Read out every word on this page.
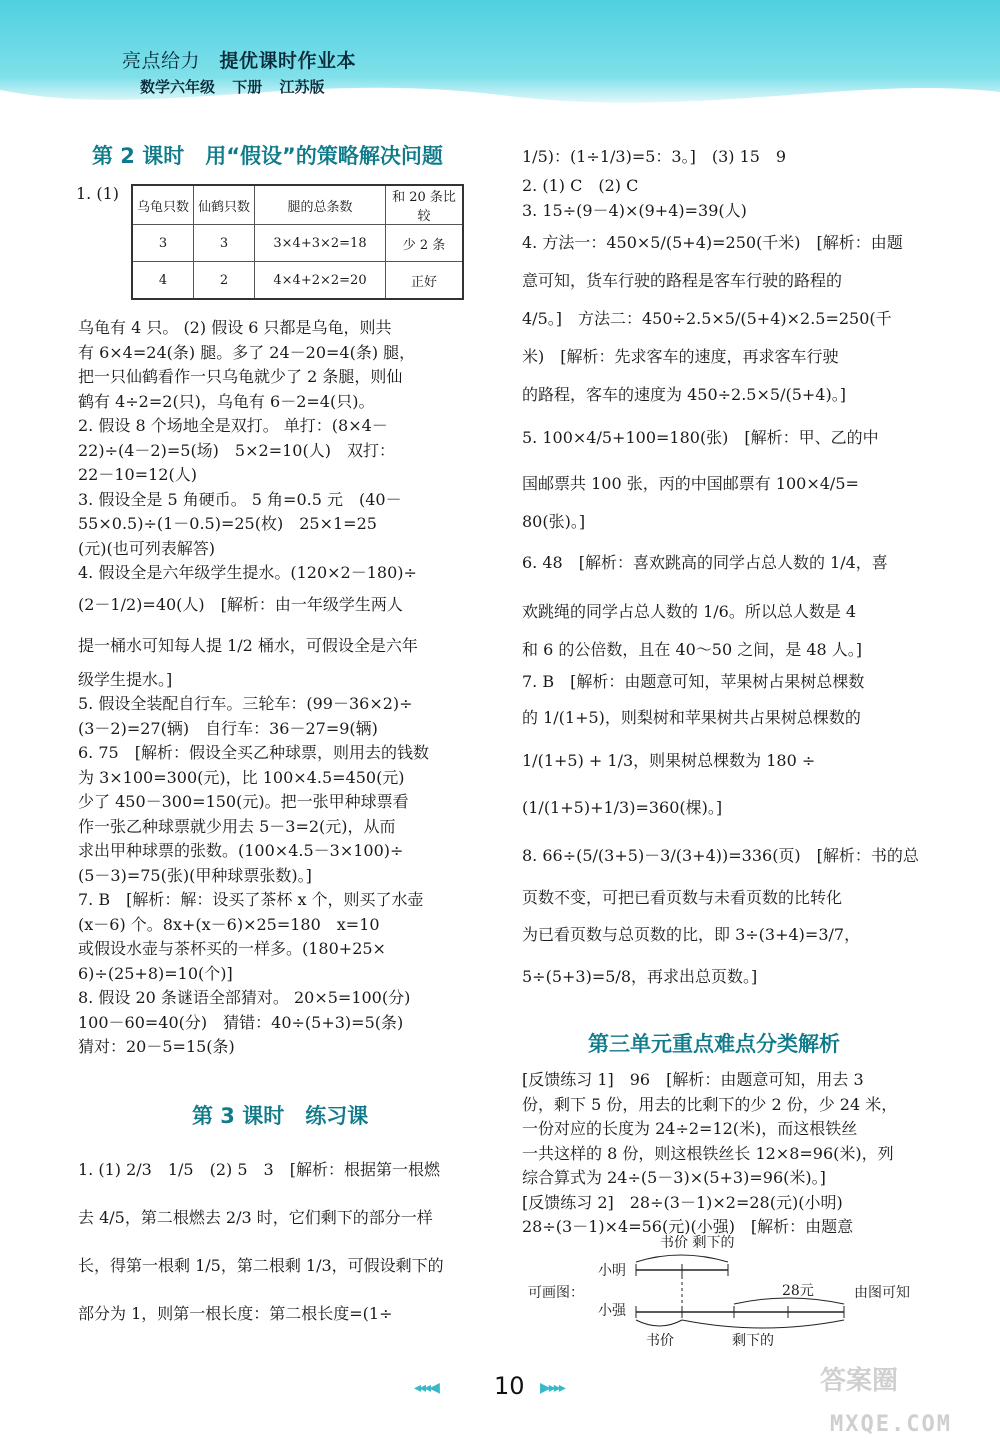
亮点给力　 提优课时作业本
数学六年级 下册 江苏版
第 2 课时　用“假设”的策略解决问题
1. (1)
乌龟只数	仙鹤只数	腿的总条数	和 20 条比较
3	3	3×4+3×2=18	少 2 条
4	2	4×4+2×2=20	正好

乌龟有 4 只。 (2) 假设 6 只都是乌龟，则共

有 6×4=24(条) 腿。多了 24－20=4(条) 腿，

把一只仙鹤看作一只乌龟就少了 2 条腿，则仙

鹤有 4÷2=2(只)，乌龟有 6－2=4(只)。

2. 假设 8 个场地全是双打。 单打：(8×4－

22)÷(4－2)=5(场)　5×2=10(人)　双打：

22－10=12(人)

3. 假设全是 5 角硬币。 5 角=0.5 元　(40－

55×0.5)÷(1－0.5)=25(枚)　25×1=25

(元)(也可列表解答)

4. 假设全是六年级学生提水。(120×2－180)÷

(2－1/2)=40(人)　[解析：由一年级学生两人

提一桶水可知每人提 1/2 桶水，可假设全是六年

级学生提水。]

5. 假设全装配自行车。三轮车：(99－36×2)÷

(3－2)=27(辆)　自行车：36－27=9(辆)

6. 75　[解析：假设全买乙种球票，则用去的钱数

为 3×100=300(元)，比 100×4.5=450(元)

少了 450－300=150(元)。把一张甲种球票看

作一张乙种球票就少用去 5－3=2(元)，从而

求出甲种球票的张数。(100×4.5－3×100)÷

(5－3)=75(张)(甲种球票张数)。]

7. B　[解析：解：设买了茶杯 x 个，则买了水壶

(x－6) 个。8x+(x－6)×25=180　x=10

或假设水壶与茶杯买的一样多。(180+25×

6)÷(25+8)=10(个)]

8. 假设 20 条谜语全部猜对。 20×5=100(分)

100－60=40(分)　猜错：40÷(5+3)=5(条)

猜对：20－5=15(条)

第 3 课时　练习课

1. (1) 2/3　1/5　(2) 5　3　[解析：根据第一根燃

去 4/5，第二根燃去 2/3 时，它们剩下的部分一样

长，得第一根剩 1/5，第二根剩 1/3，可假设剩下的

部分为 1，则第一根长度：第二根长度=(1÷

1/5)：(1÷1/3)=5：3。]　(3) 15　9

2. (1) C　(2) C

3. 15÷(9－4)×(9+4)=39(人)

4. 方法一：450×5/(5+4)=250(千米)　[解析：由题

意可知，货车行驶的路程是客车行驶的路程的

4/5。]　方法二：450÷2.5×5/(5+4)×2.5=250(千

米)　[解析：先求客车的速度，再求客车行驶

的路程，客车的速度为 450÷2.5×5/(5+4)。]

5. 100×4/5+100=180(张)　[解析：甲、乙的中

国邮票共 100 张，丙的中国邮票有 100×4/5=

80(张)。]

6. 48　[解析：喜欢跳高的同学占总人数的 1/4，喜

欢跳绳的同学占总人数的 1/6。所以总人数是 4

和 6 的公倍数，且在 40～50 之间，是 48 人。]

7. B　[解析：由题意可知，苹果树占果树总棵数

的 1/(1+5)，则梨树和苹果树共占果树总棵数的

1/(1+5) + 1/3，则果树总棵数为 180 ÷

(1/(1+5)+1/3)=360(棵)。]

8. 66÷(5/(3+5)－3/(3+4))=336(页)　[解析：书的总

页数不变，可把已看页数与未看页数的比转化

为已看页数与总页数的比，即 3÷(3+4)=3/7，

5÷(5+3)=5/8，再求出总页数。]

第三单元重点难点分类解析

[反馈练习 1]　96　[解析：由题意可知，用去 3

份，剩下 5 份，用去的比剩下的少 2 份，少 24 米，

一份对应的长度为 24÷2=12(米)，而这根铁丝

一共这样的 8 份，则这根铁丝长 12×8=96(米)，列

综合算式为 24÷(5－3)×(5+3)=96(米)。]

[反馈练习 2]　28÷(3－1)×2=28(元)(小明)

28÷(3－1)×4=56(元)(小强)　[解析：由题意

可画图：	由图可知
书价 剩下的
小明
小强
28元
书价	剩下的
◂◂◂◀ 10 ▶▸▸▸	答案圈
MXQE.COM
